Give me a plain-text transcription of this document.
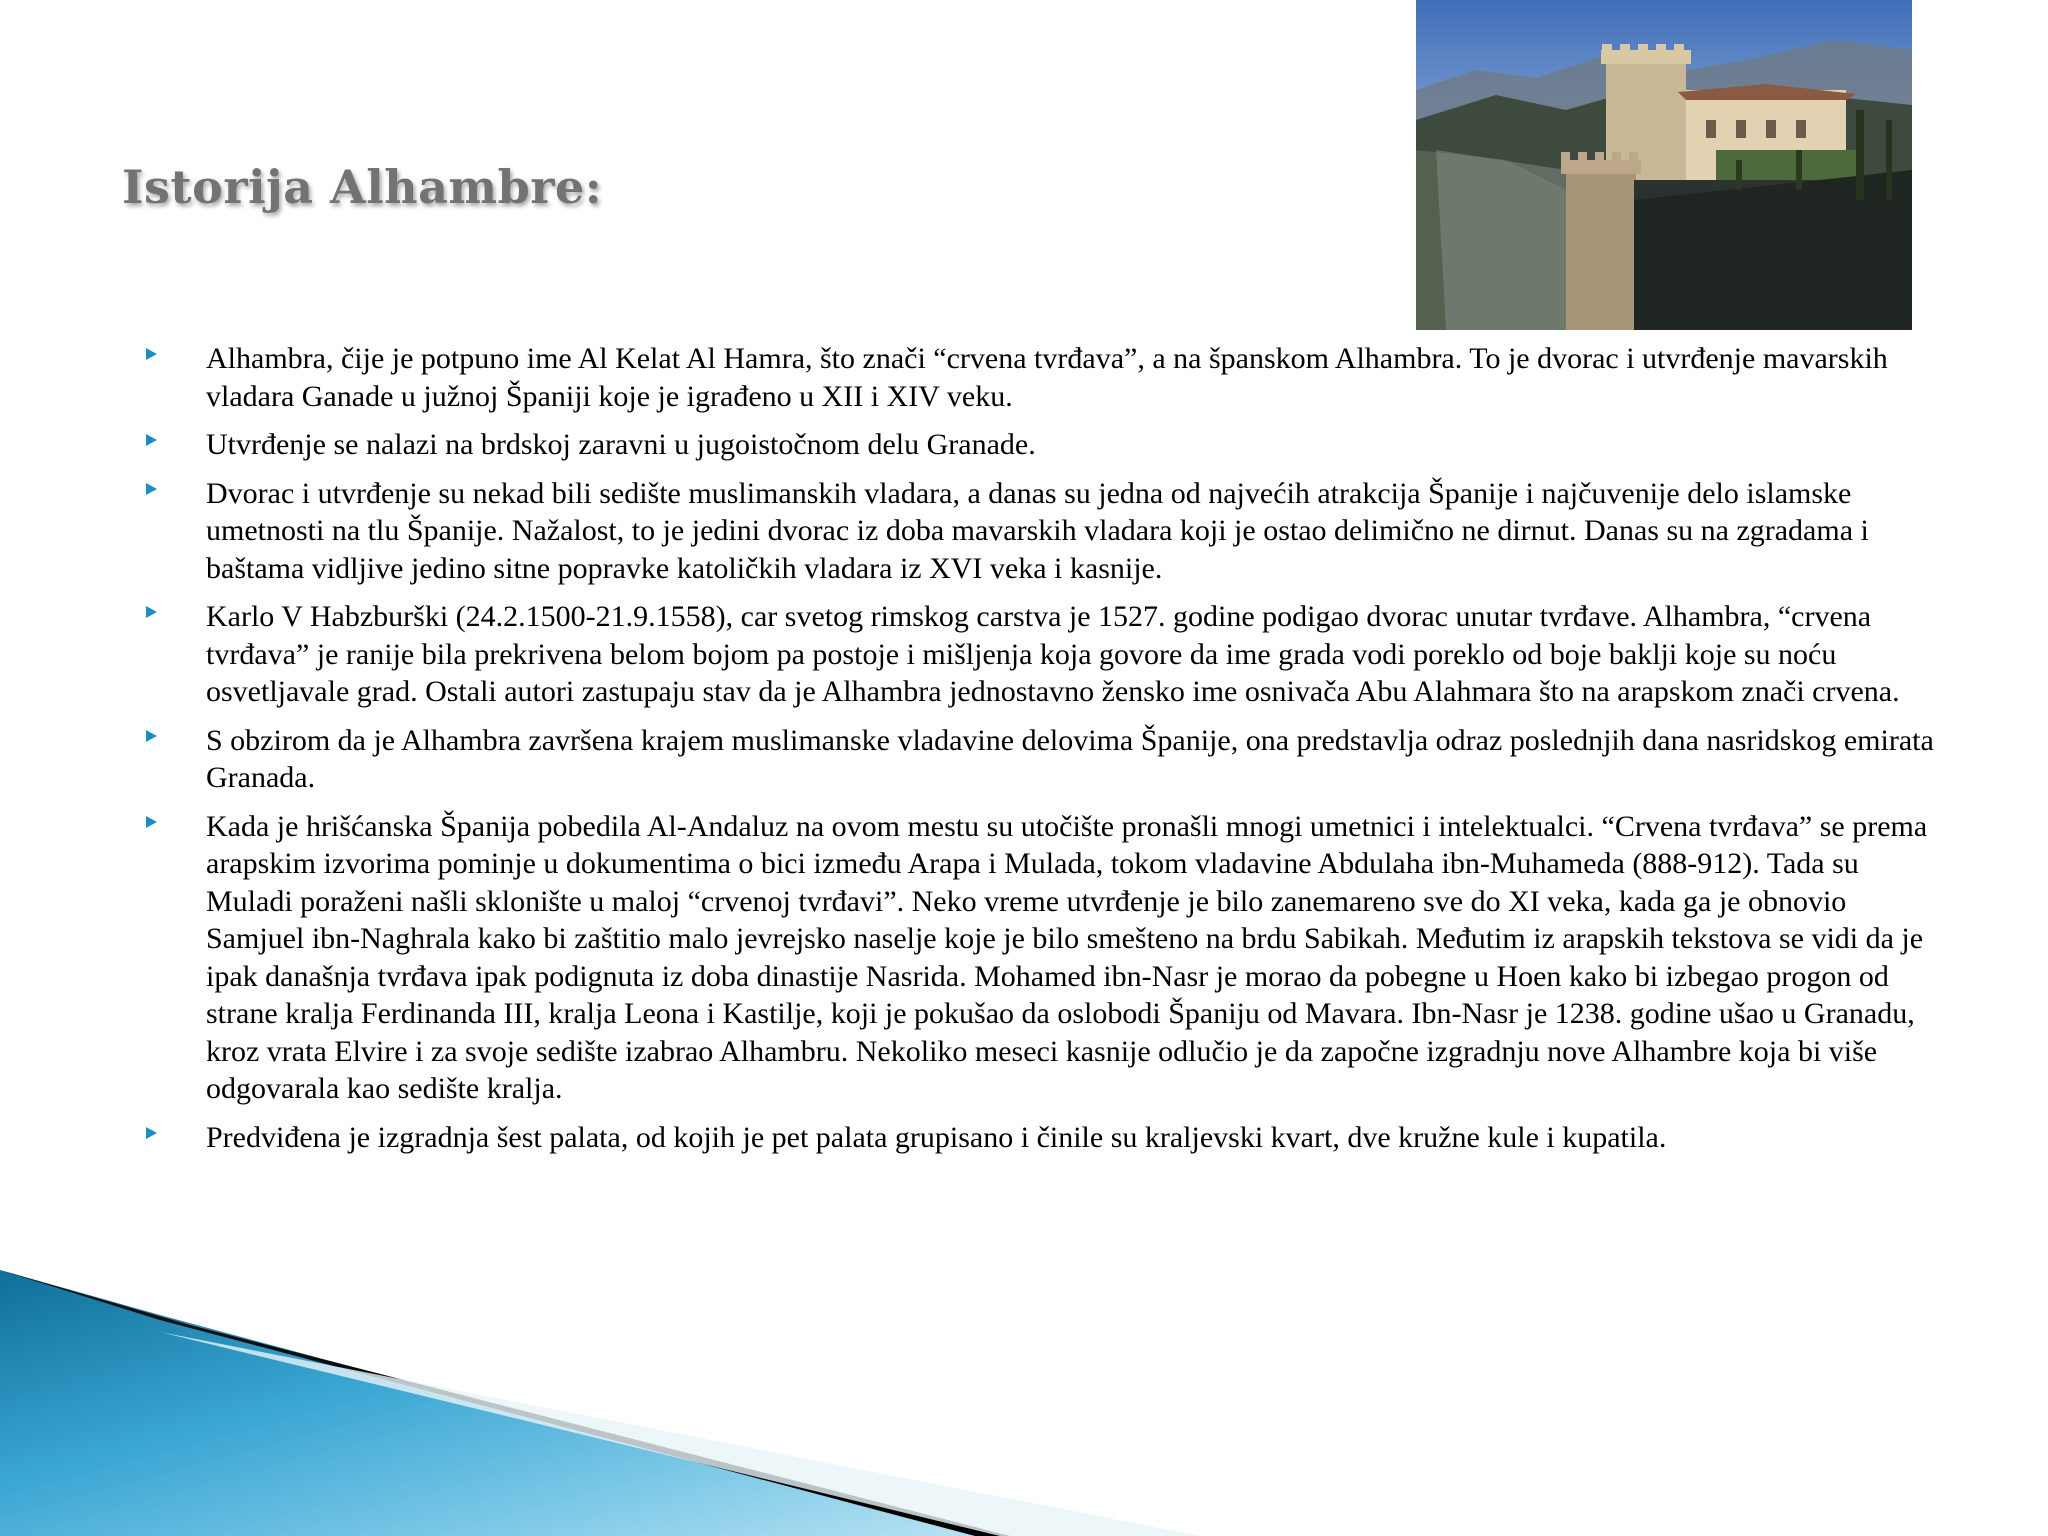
Istorija Alhambre:
Alhambra, čije je potpuno ime Al Kelat Al Hamra, što znači “crvena tvrđava”, a na španskom Alhambra. To je dvorac i utvrđenje mavarskih vladara Ganade u južnoj Španiji koje je igrađeno u XII i XIV veku.
Utvrđenje se nalazi na brdskoj zaravni u jugoistočnom delu Granade.
Dvorac i utvrđenje su nekad bili sedište muslimanskih vladara, a danas su jedna od najvećih atrakcija Španije i najčuvenije delo islamske umetnosti na tlu Španije. Nažalost, to je jedini dvorac iz doba mavarskih vladara koji je ostao delimično ne dirnut. Danas su na zgradama i baštama vidljive jedino sitne popravke katoličkih vladara iz XVI veka i kasnije.
Karlo V Habzburški (24.2.1500-21.9.1558), car svetog rimskog carstva je 1527. godine podigao dvorac unutar tvrđave. Alhambra, “crvena tvrđava” je ranije bila prekrivena belom bojom pa postoje i mišljenja koja govore da ime grada vodi poreklo od boje baklji koje su noću osvetljavale grad. Ostali autori zastupaju stav da je Alhambra jednostavno žensko ime osnivača Abu Alahmara što na arapskom znači crvena.
S obzirom da je Alhambra završena krajem muslimanske vladavine delovima Španije, ona predstavlja odraz poslednjih dana nasridskog emirata Granada.
Kada je hrišćanska Španija pobedila Al-Andaluz na ovom mestu su utočište pronašli mnogi umetnici i intelektualci. “Crvena tvrđava” se prema arapskim izvorima pominje u dokumentima o bici između Arapa i Mulada, tokom vladavine Abdulaha ibn-Muhameda (888-912). Tada su Muladi poraženi našli sklonište u maloj “crvenoj tvrđavi”. Neko vreme utvrđenje je bilo zanemareno sve do XI veka, kada ga je obnovio Samjuel ibn-Naghrala kako bi zaštitio malo jevrejsko naselje koje je bilo smešteno na brdu Sabikah. Međutim iz arapskih tekstova se vidi da je ipak današnja tvrđava ipak podignuta iz doba dinastije Nasrida. Mohamed ibn-Nasr je morao da pobegne u Hoen kako bi izbegao progon od strane kralja Ferdinanda III, kralja Leona i Kastilje, koji je pokušao da oslobodi Španiju od Mavara. Ibn-Nasr je 1238. godine ušao u Granadu, kroz vrata Elvire i za svoje sedište izabrao Alhambru. Nekoliko meseci kasnije odlučio je da započne izgradnju nove Alhambre koja bi više odgovarala kao sedište kralja.
Predviđena je izgradnja šest palata, od kojih je pet palata grupisano i činile su kraljevski kvart, dve kružne kule i kupatila.
